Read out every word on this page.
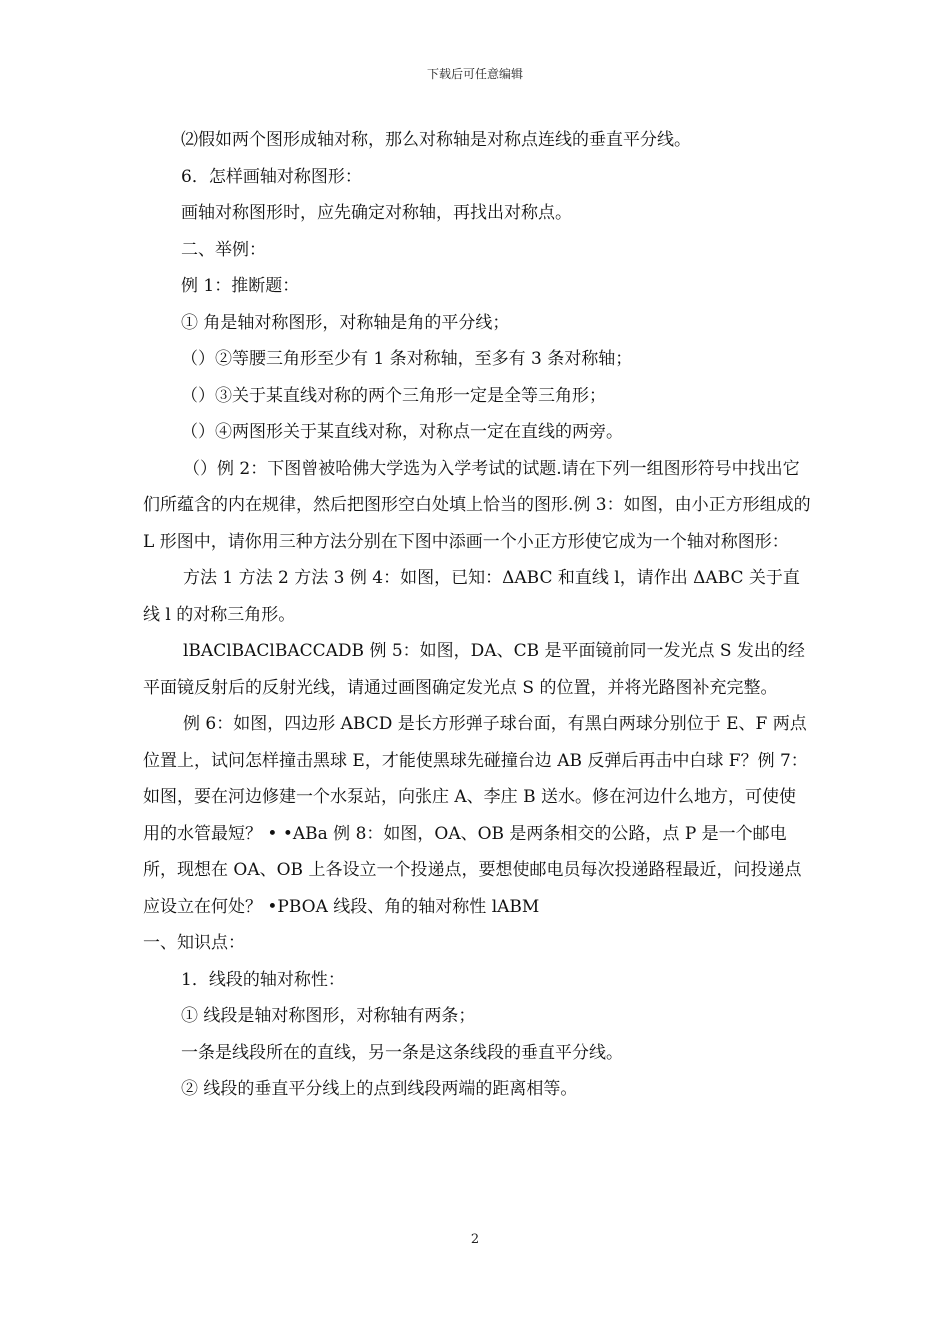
下载后可任意编辑

⑵假如两个图形成轴对称，那么对称轴是对称点连线的垂直平分线。

6．怎样画轴对称图形：

画轴对称图形时，应先确定对称轴，再找出对称点。

二、举例：

例 1：推断题：

① 角是轴对称图形，对称轴是角的平分线；

（）②等腰三角形至少有 1 条对称轴，至多有 3 条对称轴；

（）③关于某直线对称的两个三角形一定是全等三角形；

（）④两图形关于某直线对称，对称点一定在直线的两旁。

（）例 2：下图曾被哈佛大学选为入学考试的试题.请在下列一组图形符号中找出它们所蕴含的内在规律，然后把图形空白处填上恰当的图形.例 3：如图，由小正方形组成的 L 形图中，请你用三种方法分别在下图中添画一个小正方形使它成为一个轴对称图形：

方法 1 方法 2 方法 3 例 4：如图，已知：ΔABC 和直线 l，请作出 ΔABC 关于直线 l 的对称三角形。

lBAClBAClBACCADB 例 5：如图，DA、CB 是平面镜前同一发光点 S 发出的经平面镜反射后的反射光线，请通过画图确定发光点 S 的位置，并将光路图补充完整。

例 6：如图，四边形 ABCD 是长方形弹子球台面，有黑白两球分别位于 E、F 两点位置上，试问怎样撞击黑球 E，才能使黑球先碰撞台边 AB 反弹后再击中白球 F？例 7：如图，要在河边修建一个水泵站，向张庄 A、李庄 B 送水。修在河边什么地方，可使使用的水管最短？ • •ABa 例 8：如图，OA、OB 是两条相交的公路，点 P 是一个邮电所，现想在 OA、OB 上各设立一个投递点，要想使邮电员每次投递路程最近，问投递点应设立在何处？ •PBOA 线段、角的轴对称性 lABM

一、知识点：

1．线段的轴对称性：

① 线段是轴对称图形，对称轴有两条；

一条是线段所在的直线，另一条是这条线段的垂直平分线。

② 线段的垂直平分线上的点到线段两端的距离相等。

2
